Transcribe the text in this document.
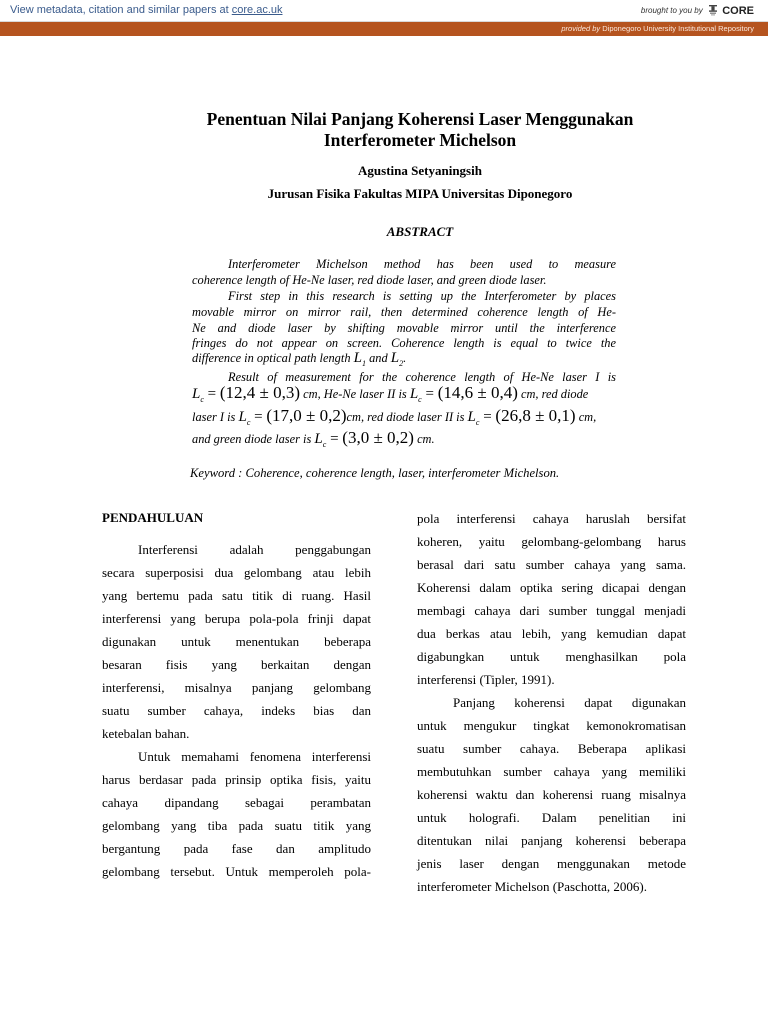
View metadata, citation and similar papers at core.ac.uk	brought to you by CORE
provided by Diponegoro University Institutional Repository
Penentuan Nilai Panjang Koherensi Laser Menggunakan
Interferometer Michelson
Agustina Setyaningsih
Jurusan Fisika Fakultas MIPA Universitas Diponegoro
ABSTRACT
Interferometer Michelson method has been used to measure
coherence length of He-Ne laser, red diode laser, and green diode laser.
First step in this research is setting up the Interferometer by places
movable mirror on mirror rail, then determined coherence length of He-
Ne and diode laser by shifting movable mirror until the interference
fringes do not appear on screen. Coherence length is equal to twice the
difference in optical path length $L_1$ and $L_2$.
Result of measurement for the coherence length of He-Ne laser I is
$L_c = (12,4 \pm 0,3)$ cm, He-Ne laser II is $L_c = (14,6 \pm 0,4)$ cm, red diode
laser I is $L_c = (17,0 \pm 0,2)cm$, red diode laser II is $L_c = (26,8 \pm 0,1)$ cm,
and green diode laser is $L_c = (3,0 \pm 0,2)$ cm.
Keyword : Coherence, coherence length, laser, interferometer Michelson.
PENDAHULUAN
Interferensi adalah penggabungan
secara superposisi dua gelombang atau lebih
yang bertemu pada satu titik di ruang. Hasil
interferensi yang berupa pola-pola frinji dapat
digunakan untuk menentukan beberapa
besaran fisis yang berkaitan dengan
interferensi, misalnya panjang gelombang
suatu sumber cahaya, indeks bias dan
ketebalan bahan.
Untuk memahami fenomena interferensi
harus berdasar pada prinsip optika fisis, yaitu
cahaya dipandang sebagai perambatan
gelombang yang tiba pada suatu titik yang
bergantung pada fase dan amplitudo
gelombang tersebut. Untuk memperoleh pola-
pola interferensi cahaya haruslah bersifat
koheren, yaitu gelombang-gelombang harus
berasal dari satu sumber cahaya yang sama.
Koherensi dalam optika sering dicapai dengan
membagi cahaya dari sumber tunggal menjadi
dua berkas atau lebih, yang kemudian dapat
digabungkan untuk menghasilkan pola
interferensi (Tipler, 1991).
Panjang koherensi dapat digunakan
untuk mengukur tingkat kemonokromatisan
suatu sumber cahaya. Beberapa aplikasi
membutuhkan sumber cahaya yang memiliki
koherensi waktu dan koherensi ruang misalnya
untuk holografi. Dalam penelitian ini
ditentukan nilai panjang koherensi beberapa
jenis laser dengan menggunakan metode
interferometer Michelson (Paschotta, 2006).
